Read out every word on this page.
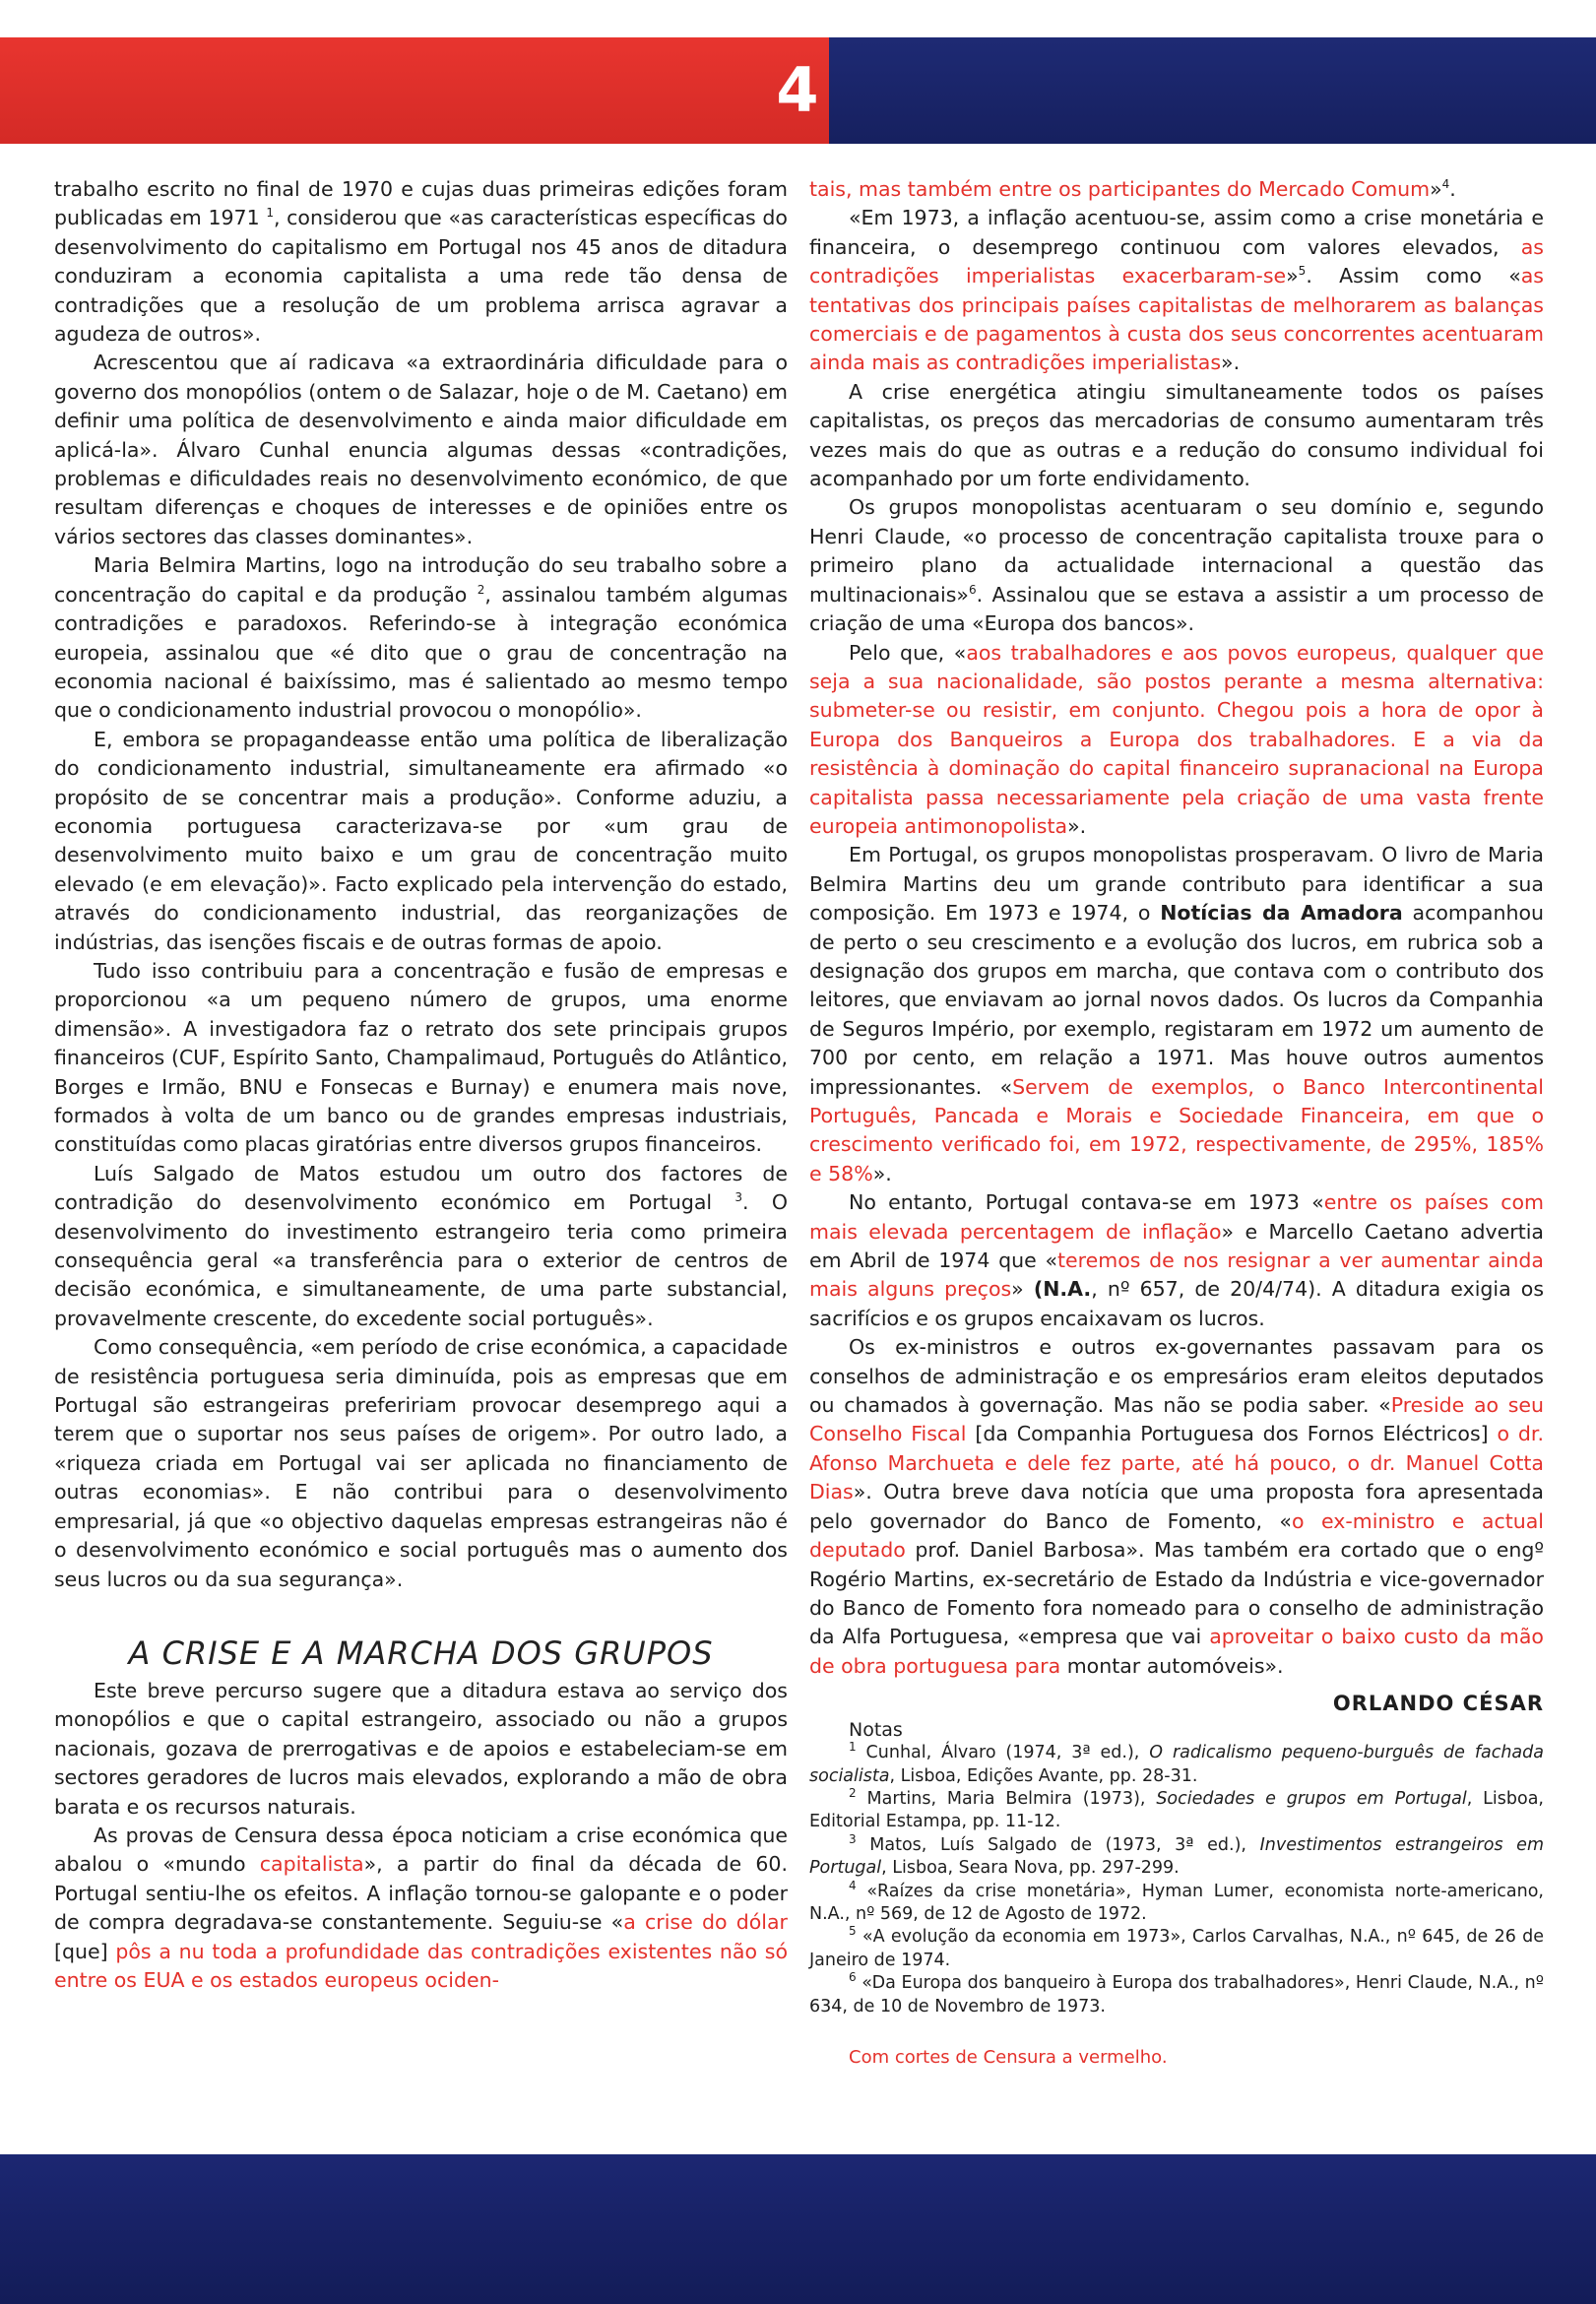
4

trabalho escrito no final de 1970 e cujas duas primeiras edições foram publicadas em 1971 $^1$, considerou que «as características específicas do desenvolvimento do capitalismo em Portugal nos 45 anos de ditadura conduziram a economia capitalista a uma rede tão densa de contradições que a resolução de um problema arrisca agravar a agudeza de outros».

Acrescentou que aí radicava «a extraordinária dificuldade para o governo dos monopólios (ontem o de Salazar, hoje o de M. Caetano) em definir uma política de desenvolvimento e ainda maior dificuldade em aplicá-la». Álvaro Cunhal enuncia algumas dessas «contradições, problemas e dificuldades reais no desenvolvimento económico, de que resultam diferenças e choques de interesses e de opiniões entre os vários sectores das classes dominantes».

Maria Belmira Martins, logo na introdução do seu trabalho sobre a concentração do capital e da produção $^2$, assinalou também algumas contradições e paradoxos. Referindo-se à integração económica europeia, assinalou que «é dito que o grau de concentração na economia nacional é baixíssimo, mas é salientado ao mesmo tempo que o condicionamento industrial provocou o monopólio».

E, embora se propagandeasse então uma política de liberalização do condicionamento industrial, simultaneamente era afirmado «o propósito de se concentrar mais a produção». Conforme aduziu, a economia portuguesa caracterizava-se por «um grau de desenvolvimento muito baixo e um grau de concentração muito elevado (e em elevação)». Facto explicado pela intervenção do estado, através do condicionamento industrial, das reorganizações de indústrias, das isenções fiscais e de outras formas de apoio.

Tudo isso contribuiu para a concentração e fusão de empresas e proporcionou «a um pequeno número de grupos, uma enorme dimensão». A investigadora faz o retrato dos sete principais grupos financeiros (CUF, Espírito Santo, Champalimaud, Português do Atlântico, Borges e Irmão, BNU e Fonsecas e Burnay) e enumera mais nove, formados à volta de um banco ou de grandes empresas industriais, constituídas como placas giratórias entre diversos grupos financeiros.

Luís Salgado de Matos estudou um outro dos factores de contradição do desenvolvimento económico em Portugal $^3$. O desenvolvimento do investimento estrangeiro teria como primeira consequência geral «a transferência para o exterior de centros de decisão económica, e simultaneamente, de uma parte substancial, provavelmente crescente, do excedente social português».

Como consequência, «em período de crise económica, a capacidade de resistência portuguesa seria diminuída, pois as empresas que em Portugal são estrangeiras prefeririam provocar desemprego aqui a terem que o suportar nos seus países de origem». Por outro lado, a «riqueza criada em Portugal vai ser aplicada no financiamento de outras economias». E não contribui para o desenvolvimento empresarial, já que «o objectivo daquelas empresas estrangeiras não é o desenvolvimento económico e social português mas o aumento dos seus lucros ou da sua segurança».

A CRISE E A MARCHA DOS GRUPOS

Este breve percurso sugere que a ditadura estava ao serviço dos monopólios e que o capital estrangeiro, associado ou não a grupos nacionais, gozava de prerrogativas e de apoios e estabeleciam-se em sectores geradores de lucros mais elevados, explorando a mão de obra barata e os recursos naturais.

As provas de Censura dessa época noticiam a crise económica que abalou o «mundo capitalista», a partir do final da década de 60. Portugal sentiu-lhe os efeitos. A inflação tornou-se galopante e o poder de compra degradava-se constantemente. Seguiu-se «a crise do dólar [que] pôs a nu toda a profundidade das contradições existentes não só entre os EUA e os estados europeus ociden-

tais, mas também entre os participantes do Mercado Comum»$^4$.

«Em 1973, a inflação acentuou-se, assim como a crise monetária e financeira, o desemprego continuou com valores elevados, as contradições imperialistas exacerbaram-se»$^5$. Assim como «as tentativas dos principais países capitalistas de melhorarem as balanças comerciais e de pagamentos à custa dos seus concorrentes acentuaram ainda mais as contradições imperialistas».

A crise energética atingiu simultaneamente todos os países capitalistas, os preços das mercadorias de consumo aumentaram três vezes mais do que as outras e a redução do consumo individual foi acompanhado por um forte endividamento.

Os grupos monopolistas acentuaram o seu domínio e, segundo Henri Claude, «o processo de concentração capitalista trouxe para o primeiro plano da actualidade internacional a questão das multinacionais»$^6$. Assinalou que se estava a assistir a um processo de criação de uma «Europa dos bancos».

Pelo que, «aos trabalhadores e aos povos europeus, qualquer que seja a sua nacionalidade, são postos perante a mesma alternativa: submeter-se ou resistir, em conjunto. Chegou pois a hora de opor à Europa dos Banqueiros a Europa dos trabalhadores. E a via da resistência à dominação do capital financeiro supranacional na Europa capitalista passa necessariamente pela criação de uma vasta frente europeia antimonopolista».

Em Portugal, os grupos monopolistas prosperavam. O livro de Maria Belmira Martins deu um grande contributo para identificar a sua composição. Em 1973 e 1974, o Notícias da Amadora acompanhou de perto o seu crescimento e a evolução dos lucros, em rubrica sob a designação dos grupos em marcha, que contava com o contributo dos leitores, que enviavam ao jornal novos dados. Os lucros da Companhia de Seguros Império, por exemplo, registaram em 1972 um aumento de 700 por cento, em relação a 1971. Mas houve outros aumentos impressionantes. «Servem de exemplos, o Banco Intercontinental Português, Pancada e Morais e Sociedade Financeira, em que o crescimento verificado foi, em 1972, respectivamente, de 295%, 185% e 58%».

No entanto, Portugal contava-se em 1973 «entre os países com mais elevada percentagem de inflação» e Marcello Caetano advertia em Abril de 1974 que «teremos de nos resignar a ver aumentar ainda mais alguns preços» (N.A., nº 657, de 20/4/74). A ditadura exigia os sacrifícios e os grupos encaixavam os lucros.

Os ex-ministros e outros ex-governantes passavam para os conselhos de administração e os empresários eram eleitos deputados ou chamados à governação. Mas não se podia saber. «Preside ao seu Conselho Fiscal [da Companhia Portuguesa dos Fornos Eléctricos] o dr. Afonso Marchueta e dele fez parte, até há pouco, o dr. Manuel Cotta Dias». Outra breve dava notícia que uma proposta fora apresentada pelo governador do Banco de Fomento, «o ex-ministro e actual deputado prof. Daniel Barbosa». Mas também era cortado que o engº Rogério Martins, ex-secretário de Estado da Indústria e vice-governador do Banco de Fomento fora nomeado para o conselho de administração da Alfa Portuguesa, «empresa que vai aproveitar o baixo custo da mão de obra portuguesa para montar automóveis».

ORLANDO CÉSAR
Notas

$^1$ Cunhal, Álvaro (1974, 3ª ed.), O radicalismo pequeno-burguês de fachada socialista, Lisboa, Edições Avante, pp. 28-31.

$^2$ Martins, Maria Belmira (1973), Sociedades e grupos em Portugal, Lisboa, Editorial Estampa, pp. 11-12.

$^3$ Matos, Luís Salgado de (1973, 3ª ed.), Investimentos estrangeiros em Portugal, Lisboa, Seara Nova, pp. 297-299.

$^4$ «Raízes da crise monetária», Hyman Lumer, economista norte-americano, N.A., nº 569, de 12 de Agosto de 1972.

$^5$ «A evolução da economia em 1973», Carlos Carvalhas, N.A., nº 645, de 26 de Janeiro de 1974.

$^6$ «Da Europa dos banqueiro à Europa dos trabalhadores», Henri Claude, N.A., nº 634, de 10 de Novembro de 1973.

Com cortes de Censura a vermelho.
